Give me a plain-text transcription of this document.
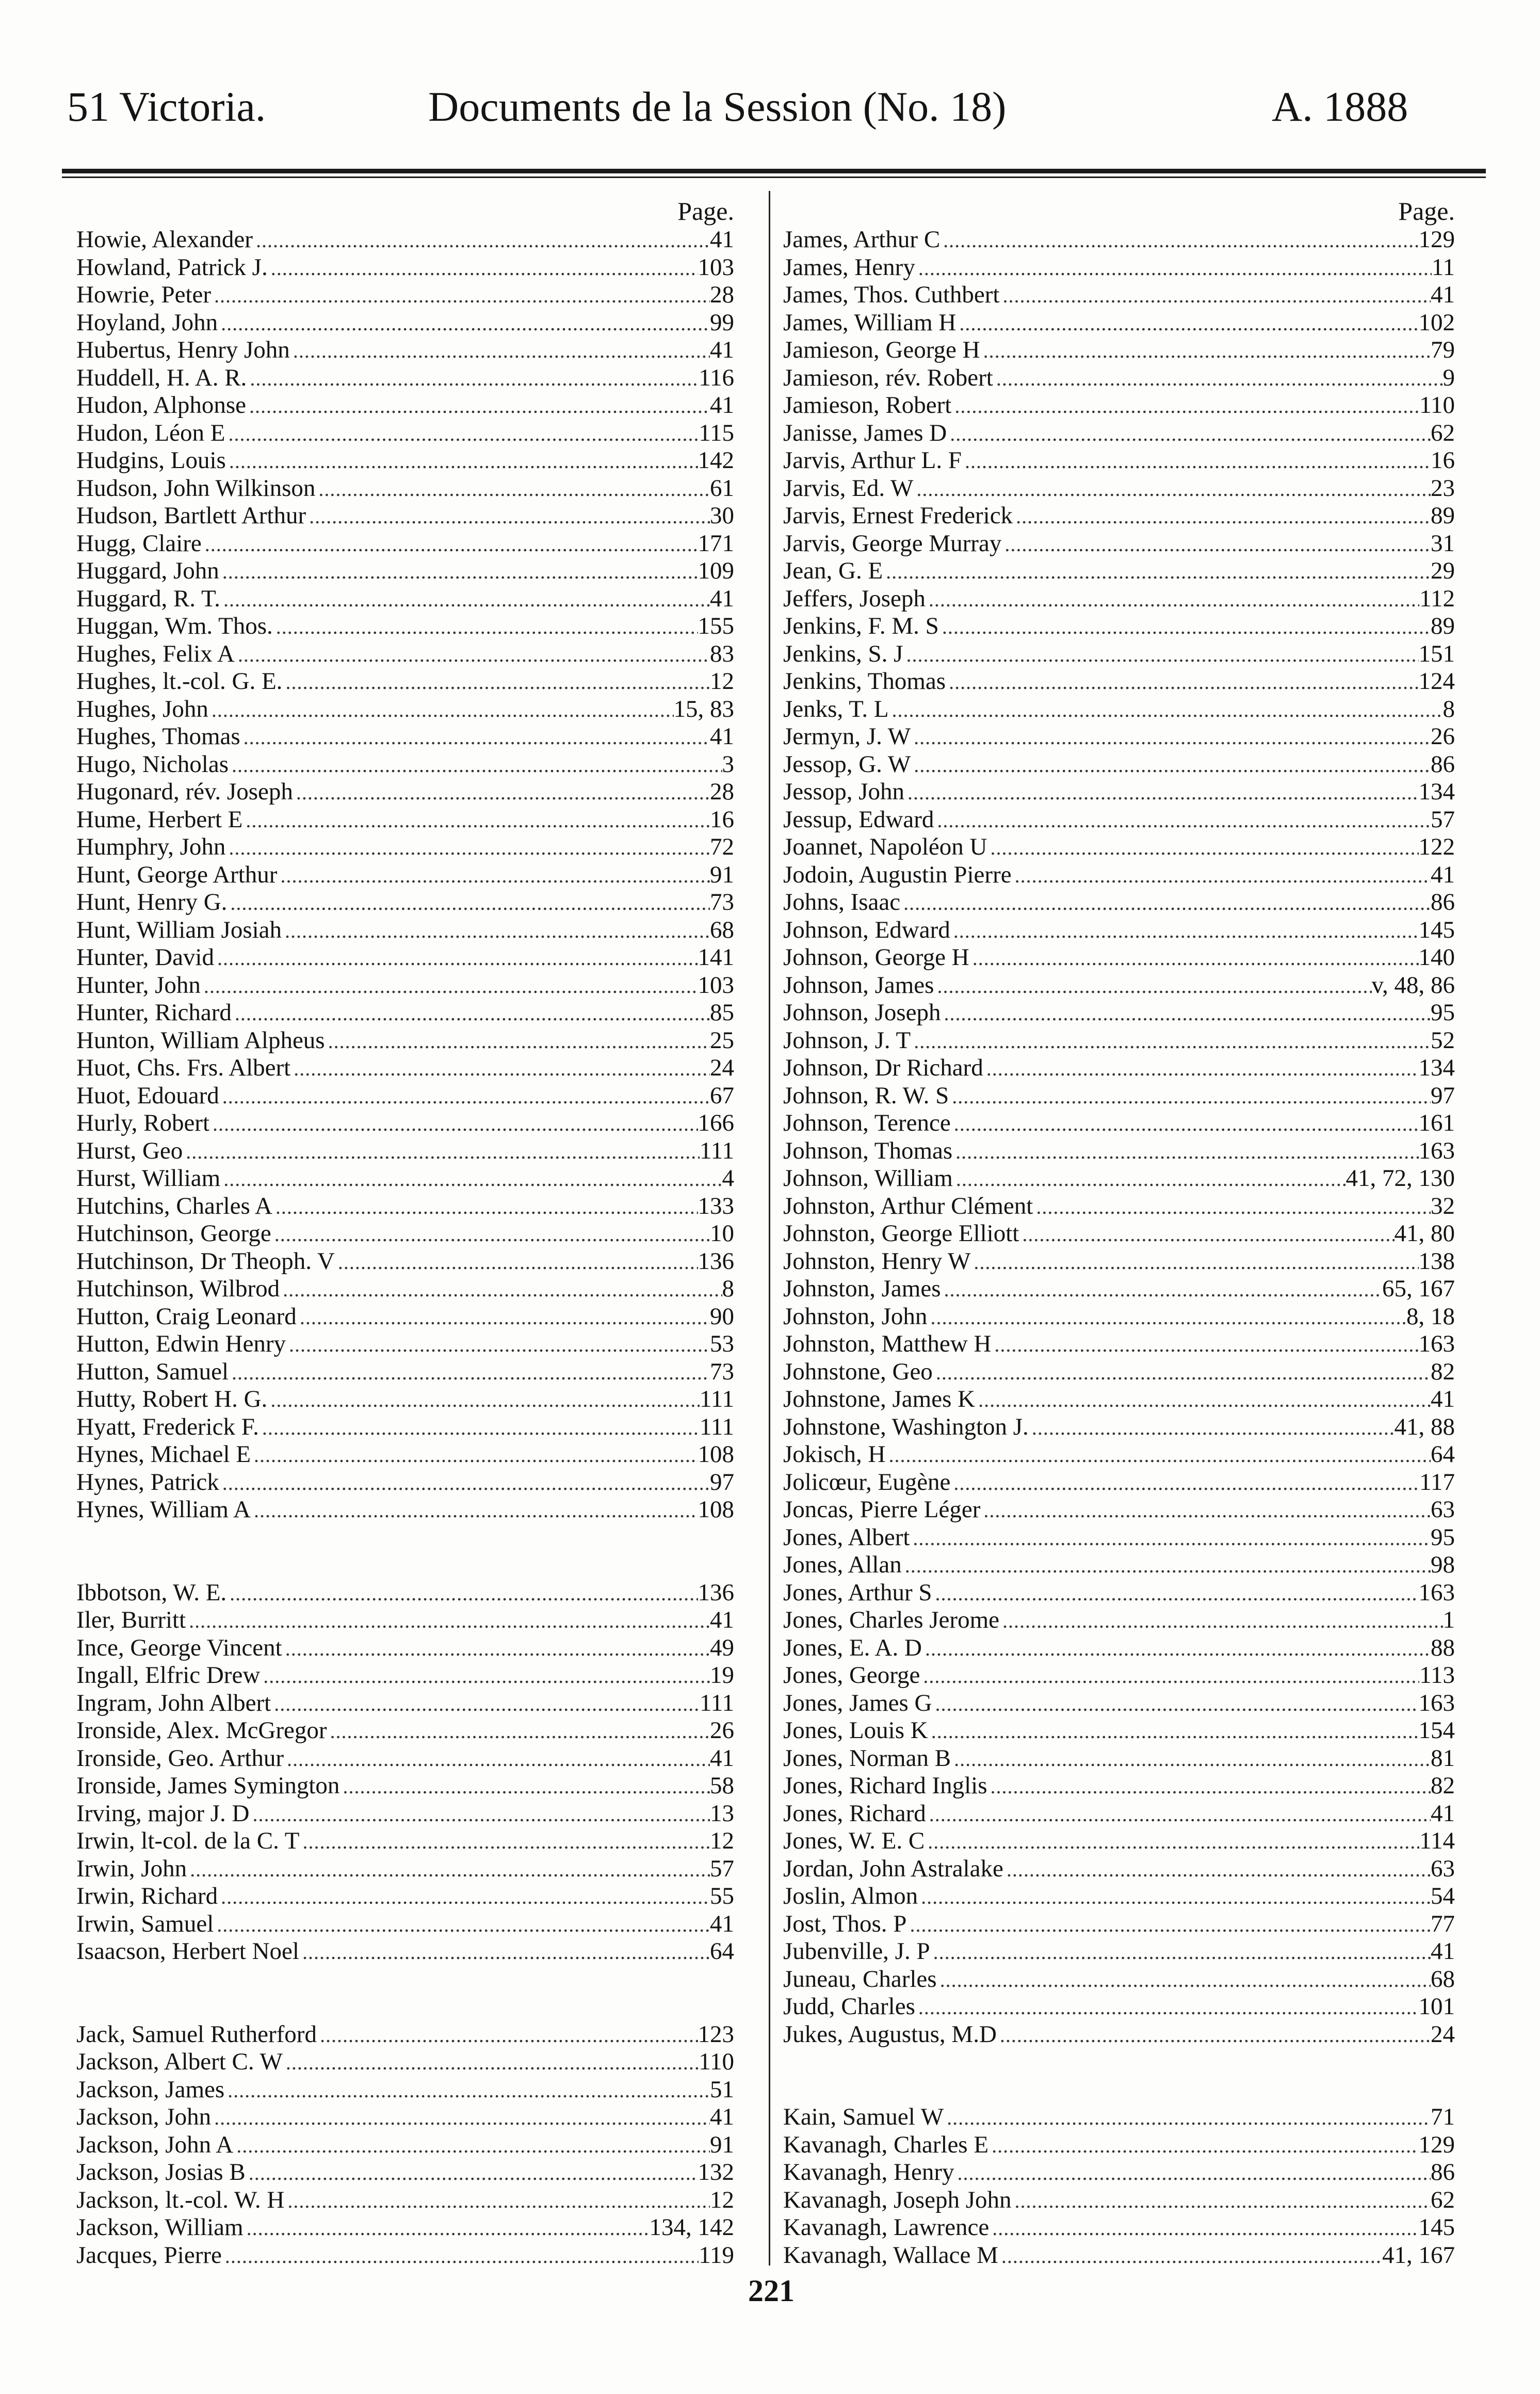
51 Victoria.	Documents de la Session (No. 18)	A. 1888
Page.
Howie, Alexander .....	41
Howland, Patrick J. .....	103
Howrie, Peter .....	28
Hoyland, John .....	99
Hubertus, Henry John .....	41
Huddell, H. A. R. .....	116
Hudon, Alphonse .....	41
Hudon, Léon E .....	115
Hudgins, Louis .....	142
Hudson, John Wilkinson .....	61
Hudson, Bartlett Arthur .....	30
Hugg, Claire .....	171
Huggard, John .....	109
Huggard, R. T. .....	41
Huggan, Wm. Thos. .....	155
Hughes, Felix A .....	83
Hughes, lt.-col. G. E. .....	12
Hughes, John .....	15, 83
Hughes, Thomas .....	41
Hugo, Nicholas .....	3
Hugonard, rév. Joseph .....	28
Hume, Herbert E .....	16
Humphry, John .....	72
Hunt, George Arthur .....	91
Hunt, Henry G. .....	73
Hunt, William Josiah .....	68
Hunter, David .....	141
Hunter, John .....	103
Hunter, Richard .....	85
Hunton, William Alpheus .....	25
Huot, Chs. Frs. Albert .....	24
Huot, Edouard .....	67
Hurly, Robert .....	166
Hurst, Geo .....	111
Hurst, William .....	4
Hutchins, Charles A .....	133
Hutchinson, George .....	10
Hutchinson, Dr Theoph. V .....	136
Hutchinson, Wilbrod .....	8
Hutton, Craig Leonard .....	90
Hutton, Edwin Henry .....	53
Hutton, Samuel .....	73
Hutty, Robert H. G. .....	111
Hyatt, Frederick F. .....	111
Hynes, Michael E .....	108
Hynes, Patrick .....	97
Hynes, William A .....	108
Ibbotson, W. E. .....	136
Iler, Burritt .....	41
Ince, George Vincent .....	49
Ingall, Elfric Drew .....	19
Ingram, John Albert .....	111
Ironside, Alex. McGregor .....	26
Ironside, Geo. Arthur .....	41
Ironside, James Symington .....	58
Irving, major J. D .....	13
Irwin, lt-col. de la C. T .....	12
Irwin, John .....	57
Irwin, Richard .....	55
Irwin, Samuel .....	41
Isaacson, Herbert Noel .....	64
Jack, Samuel Rutherford .....	123
Jackson, Albert C. W .....	110
Jackson, James .....	51
Jackson, John .....	41
Jackson, John A .....	91
Jackson, Josias B .....	132
Jackson, lt.-col. W. H .....	12
Jackson, William .....	134, 142
Jacques, Pierre .....	119
Page.
James, Arthur C .....	129
James, Henry .....	11
James, Thos. Cuthbert .....	41
James, William H .....	102
Jamieson, George H .....	79
Jamieson, rév. Robert .....	9
Jamieson, Robert .....	110
Janisse, James D .....	62
Jarvis, Arthur L. F .....	16
Jarvis, Ed. W .....	23
Jarvis, Ernest Frederick .....	89
Jarvis, George Murray .....	31
Jean, G. E .....	29
Jeffers, Joseph .....	112
Jenkins, F. M. S .....	89
Jenkins, S. J .....	151
Jenkins, Thomas .....	124
Jenks, T. L .....	8
Jermyn, J. W .....	26
Jessop, G. W .....	86
Jessop, John .....	134
Jessup, Edward .....	57
Joannet, Napoléon U .....	122
Jodoin, Augustin Pierre .....	41
Johns, Isaac .....	86
Johnson, Edward .....	145
Johnson, George H .....	140
Johnson, James .....	v, 48, 86
Johnson, Joseph .....	95
Johnson, J. T .....	52
Johnson, Dr Richard .....	134
Johnson, R. W. S .....	97
Johnson, Terence .....	161
Johnson, Thomas .....	163
Johnson, William .....	41, 72, 130
Johnston, Arthur Clément .....	32
Johnston, George Elliott .....	41, 80
Johnston, Henry W .....	138
Johnston, James .....	65, 167
Johnston, John .....	8, 18
Johnston, Matthew H .....	163
Johnstone, Geo .....	82
Johnstone, James K .....	41
Johnstone, Washington J. .....	41, 88
Jokisch, H .....	64
Jolicœur, Eugène .....	117
Joncas, Pierre Léger .....	63
Jones, Albert .....	95
Jones, Allan .....	98
Jones, Arthur S .....	163
Jones, Charles Jerome .....	1
Jones, E. A. D .....	88
Jones, George .....	113
Jones, James G .....	163
Jones, Louis K .....	154
Jones, Norman B .....	81
Jones, Richard Inglis .....	82
Jones, Richard .....	41
Jones, W. E. C .....	114
Jordan, John Astralake .....	63
Joslin, Almon .....	54
Jost, Thos. P .....	77
Jubenville, J. P .....	41
Juneau, Charles .....	68
Judd, Charles .....	101
Jukes, Augustus, M.D .....	24
Kain, Samuel W .....	71
Kavanagh, Charles E .....	129
Kavanagh, Henry .....	86
Kavanagh, Joseph John .....	62
Kavanagh, Lawrence .....	145
Kavanagh, Wallace M .....	41, 167
221
